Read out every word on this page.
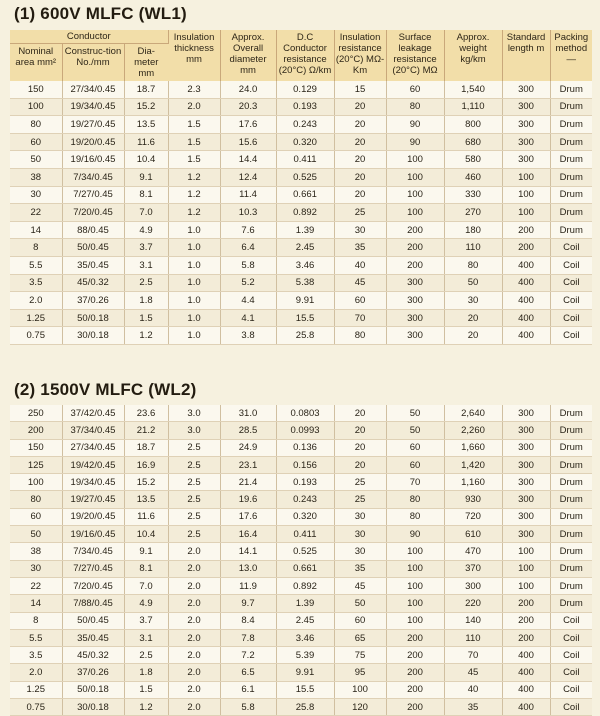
(1) 600V MLFC (WL1)
Conductor			Insulation thickness mm	Approx. Overall diameter mm	D.C Conductor resistance (20°C) Ω/km	Insulation resistance (20°C) MΩ-Km	Surface leakage resistance (20°C) MΩ	Approx. weight kg/km	Standard length m	Packing method —
Nominal area mm²	Construc-tion No./mm	Dia-meter mm								
150	27/34/0.45	18.7	2.3	24.0	0.129	15	60	1,540	300	Drum
100	19/34/0.45	15.2	2.0	20.3	0.193	20	80	1,110	300	Drum
80	19/27/0.45	13.5	1.5	17.6	0.243	20	90	800	300	Drum
60	19/20/0.45	11.6	1.5	15.6	0.320	20	90	680	300	Drum
50	19/16/0.45	10.4	1.5	14.4	0.411	20	100	580	300	Drum
38	7/34/0.45	9.1	1.2	12.4	0.525	20	100	460	100	Drum
30	7/27/0.45	8.1	1.2	11.4	0.661	20	100	330	100	Drum
22	7/20/0.45	7.0	1.2	10.3	0.892	25	100	270	100	Drum
14	88/0.45	4.9	1.0	7.6	1.39	30	200	180	200	Drum
8	50/0.45	3.7	1.0	6.4	2.45	35	200	110	200	Coil
5.5	35/0.45	3.1	1.0	5.8	3.46	40	200	80	400	Coil
3.5	45/0.32	2.5	1.0	5.2	5.38	45	300	50	400	Coil
2.0	37/0.26	1.8	1.0	4.4	9.91	60	300	30	400	Coil
1.25	50/0.18	1.5	1.0	4.1	15.5	70	300	20	400	Coil
0.75	30/0.18	1.2	1.0	3.8	25.8	80	300	20	400	Coil
(2) 1500V MLFC (WL2)
250	37/42/0.45	23.6	3.0	31.0	0.0803	20	50	2,640	300	Drum
200	37/34/0.45	21.2	3.0	28.5	0.0993	20	50	2,260	300	Drum
150	27/34/0.45	18.7	2.5	24.9	0.136	20	60	1,660	300	Drum
125	19/42/0.45	16.9	2.5	23.1	0.156	20	60	1,420	300	Drum
100	19/34/0.45	15.2	2.5	21.4	0.193	25	70	1,160	300	Drum
80	19/27/0.45	13.5	2.5	19.6	0.243	25	80	930	300	Drum
60	19/20/0.45	11.6	2.5	17.6	0.320	30	80	720	300	Drum
50	19/16/0.45	10.4	2.5	16.4	0.411	30	90	610	300	Drum
38	7/34/0.45	9.1	2.0	14.1	0.525	30	100	470	100	Drum
30	7/27/0.45	8.1	2.0	13.0	0.661	35	100	370	100	Drum
22	7/20/0.45	7.0	2.0	11.9	0.892	45	100	300	100	Drum
14	7/88/0.45	4.9	2.0	9.7	1.39	50	100	220	200	Drum
8	50/0.45	3.7	2.0	8.4	2.45	60	100	140	200	Coil
5.5	35/0.45	3.1	2.0	7.8	3.46	65	200	110	200	Coil
3.5	45/0.32	2.5	2.0	7.2	5.39	75	200	70	400	Coil
2.0	37/0.26	1.8	2.0	6.5	9.91	95	200	45	400	Coil
1.25	50/0.18	1.5	2.0	6.1	15.5	100	200	40	400	Coil
0.75	30/0.18	1.2	2.0	5.8	25.8	120	200	35	400	Coil
